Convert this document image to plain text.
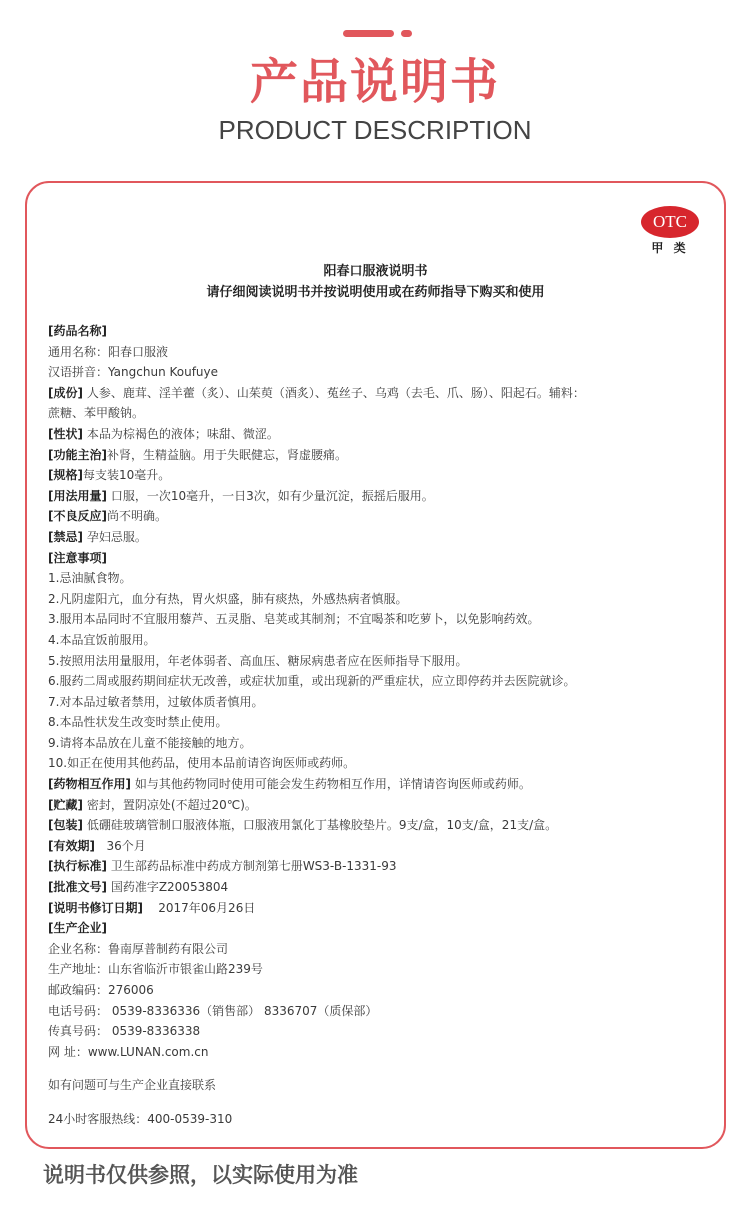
产品说明书
PRODUCT DESCRIPTION
OTC
甲 类
阳春口服液说明书
请仔细阅读说明书并按说明使用或在药师指导下购买和使用
[药品名称]
通用名称：阳春口服液
汉语拼音：Yangchun Koufuye
[成份] 人参、鹿茸、淫羊藿（炙）、山茱萸（酒炙）、菟丝子、乌鸡（去毛、爪、肠）、阳起石。辅料：
蔗糖、苯甲酸钠。
[性状] 本品为棕褐色的液体；味甜、微涩。
[功能主治]补肾，生精益脑。用于失眠健忘，肾虚腰痛。
[规格]每支装10毫升。
[用法用量] 口服，一次10毫升，一日3次，如有少量沉淀，振摇后服用。
[不良反应]尚不明确。
[禁忌] 孕妇忌服。
[注意事项]
1.忌油腻食物。
2.凡阴虚阳亢，血分有热，胃火炽盛，肺有痰热，外感热病者慎服。
3.服用本品同时不宜服用藜芦、五灵脂、皂荚或其制剂；不宜喝茶和吃萝卜，以免影响药效。
4.本品宜饭前服用。
5.按照用法用量服用，年老体弱者、高血压、糖尿病患者应在医师指导下服用。
6.服药二周或服药期间症状无改善，或症状加重，或出现新的严重症状，应立即停药并去医院就诊。
7.对本品过敏者禁用，过敏体质者慎用。
8.本品性状发生改变时禁止使用。
9.请将本品放在儿童不能接触的地方。
10.如正在使用其他药品，使用本品前请咨询医师或药师。
[药物相互作用] 如与其他药物同时使用可能会发生药物相互作用，详情请咨询医师或药师。
[贮藏] 密封，置阴凉处(不超过20℃)。
[包装] 低硼硅玻璃管制口服液体瓶，口服液用氯化丁基橡胶垫片。9支/盒，10支/盒，21支/盒。
[有效期] 36个月
[执行标准] 卫生部药品标准中药成方制剂第七册WS3-B-1331-93
[批准文号] 国药准字Z20053804
[说明书修订日期] 2017年06月26日
[生产企业]
企业名称：鲁南厚普制药有限公司
生产地址：山东省临沂市银雀山路239号
邮政编码：276006
电话号码： 0539-8336336（销售部） 8336707（质保部）
传真号码： 0539-8336338
网 址：www.LUNAN.com.cn
如有问题可与生产企业直接联系
24小时客服热线：400-0539-310
说明书仅供参照，以实际使用为准
